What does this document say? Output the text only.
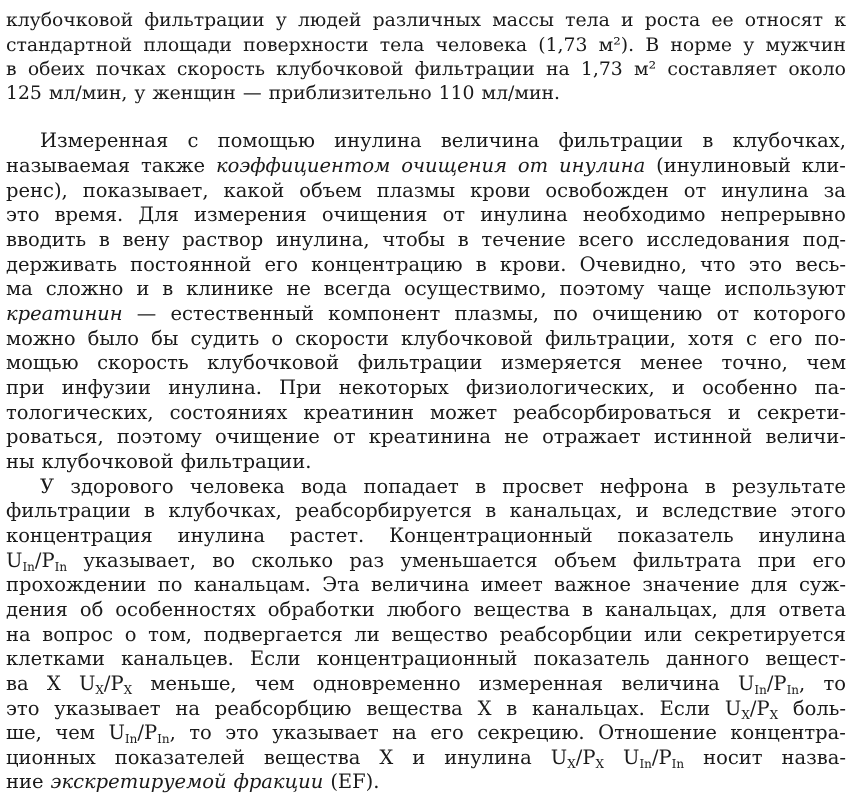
клубочковой фильтрации у людей различных массы тела и роста ее относят к
стандартной площади поверхности тела человека (1,73 м²). В норме у мужчин
в обеих почках скорость клубочковой фильтрации на 1,73 м² составляет около
125 мл/мин, у женщин — приблизительно 110 мл/мин.
Измеренная с помощью инулина величина фильтрации в клубочках,
называемая также коэффициентом очищения от инулина (инулиновый кли-
ренс), показывает, какой объем плазмы крови освобожден от инулина за
это время. Для измерения очищения от инулина необходимо непрерывно
вводить в вену раствор инулина, чтобы в течение всего исследования под-
держивать постоянной его концентрацию в крови. Очевидно, что это весь-
ма сложно и в клинике не всегда осуществимо, поэтому чаще используют
креатинин — естественный компонент плазмы, по очищению от которого
можно было бы судить о скорости клубочковой фильтрации, хотя с его по-
мощью скорость клубочковой фильтрации измеряется менее точно, чем
при инфузии инулина. При некоторых физиологических, и особенно па-
тологических, состояниях креатинин может реабсорбироваться и секрети-
роваться, поэтому очищение от креатинина не отражает истинной величи-
ны клубочковой фильтрации.
У здорового человека вода попадает в просвет нефрона в результате
фильтрации в клубочках, реабсорбируется в канальцах, и вследствие этого
концентрация инулина растет. Концентрационный показатель инулина
$U_{In}/P_{In}$ указывает, во сколько раз уменьшается объем фильтрата при его
прохождении по канальцам. Эта величина имеет важное значение для суж-
дения об особенностях обработки любого вещества в канальцах, для ответа
на вопрос о том, подвергается ли вещество реабсорбции или секретируется
клетками канальцев. Если концентрационный показатель данного вещест-
ва X $U_X/P_X$ меньше, чем одновременно измеренная величина $U_{In}/P_{In}$, то
это указывает на реабсорбцию вещества X в канальцах. Если $U_X/P_X$ боль-
ше, чем $U_{In}/P_{In}$, то это указывает на его секрецию. Отношение концентра-
ционных показателей вещества X и инулина $U_X/P_X$ $U_{In}/P_{In}$ носит назва-
ние экскретируемой фракции (EF).
